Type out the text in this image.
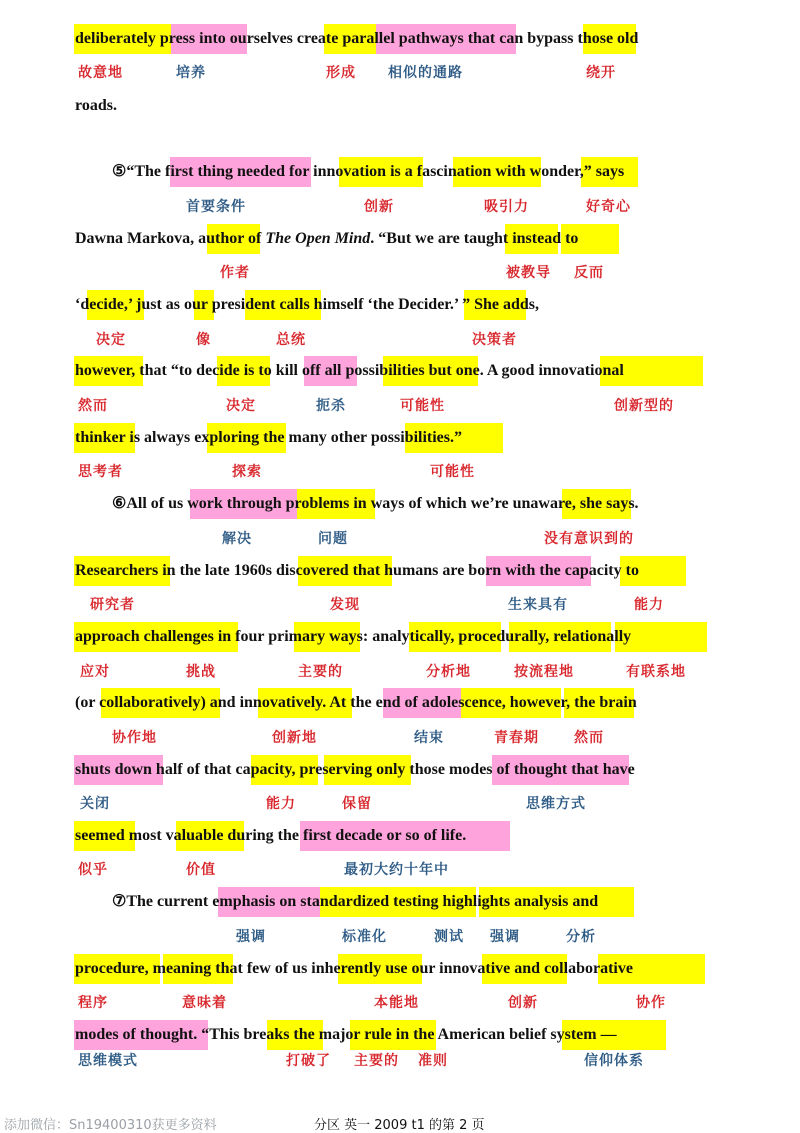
deliberately press into ourselves create parallel pathways that can bypass those old
故意地	培养	形成 相似的通路	绕开
roads.
⑤“The first thing needed for innovation is a fascination with wonder,” says
首要条件	创新	吸引力	好奇心
Dawna Markova, author of The Open Mind. “But we are taught instead to
作者	被教导 反而
‘decide,’ just as our president calls himself ‘the Decider.’ ” She adds,
决定	像	总统	决策者
however, that “to decide is to kill off all possibilities but one. A good innovational
然而	决定	扼杀	可能性	创新型的
thinker is always exploring the many other possibilities.”
思考者	探索	可能性
⑥All of us work through problems in ways of which we’re unaware, she says.
解决	问题	没有意识到的
Researchers in the late 1960s discovered that humans are born with the capacity to
研究者	发现	生来具有	能力
approach challenges in four primary ways: analytically, procedurally, relationally
应对	挑战	主要的	分析地	按流程地	有联系地
(or collaboratively) and innovatively. At the end of adolescence, however, the brain
协作地	创新地	结束	青春期	然而
shuts down half of that capacity, preserving only those modes of thought that have
关闭	能力	保留	思维方式
seemed most valuable during the first decade or so of life.
似乎	价值	最初大约十年中
⑦The current emphasis on standardized testing highlights analysis and
强调	标准化	测试 强调	分析
procedure, meaning that few of us inherently use our innovative and collaborative
程序	意味着	本能地	创新	协作
modes of thought. “This breaks the major rule in the American belief system —
思维模式	打破了 主要的 准则	信仰体系
添加微信：Sn19400310获更多资料	分区 英一 2009 t1 的第 2 页
